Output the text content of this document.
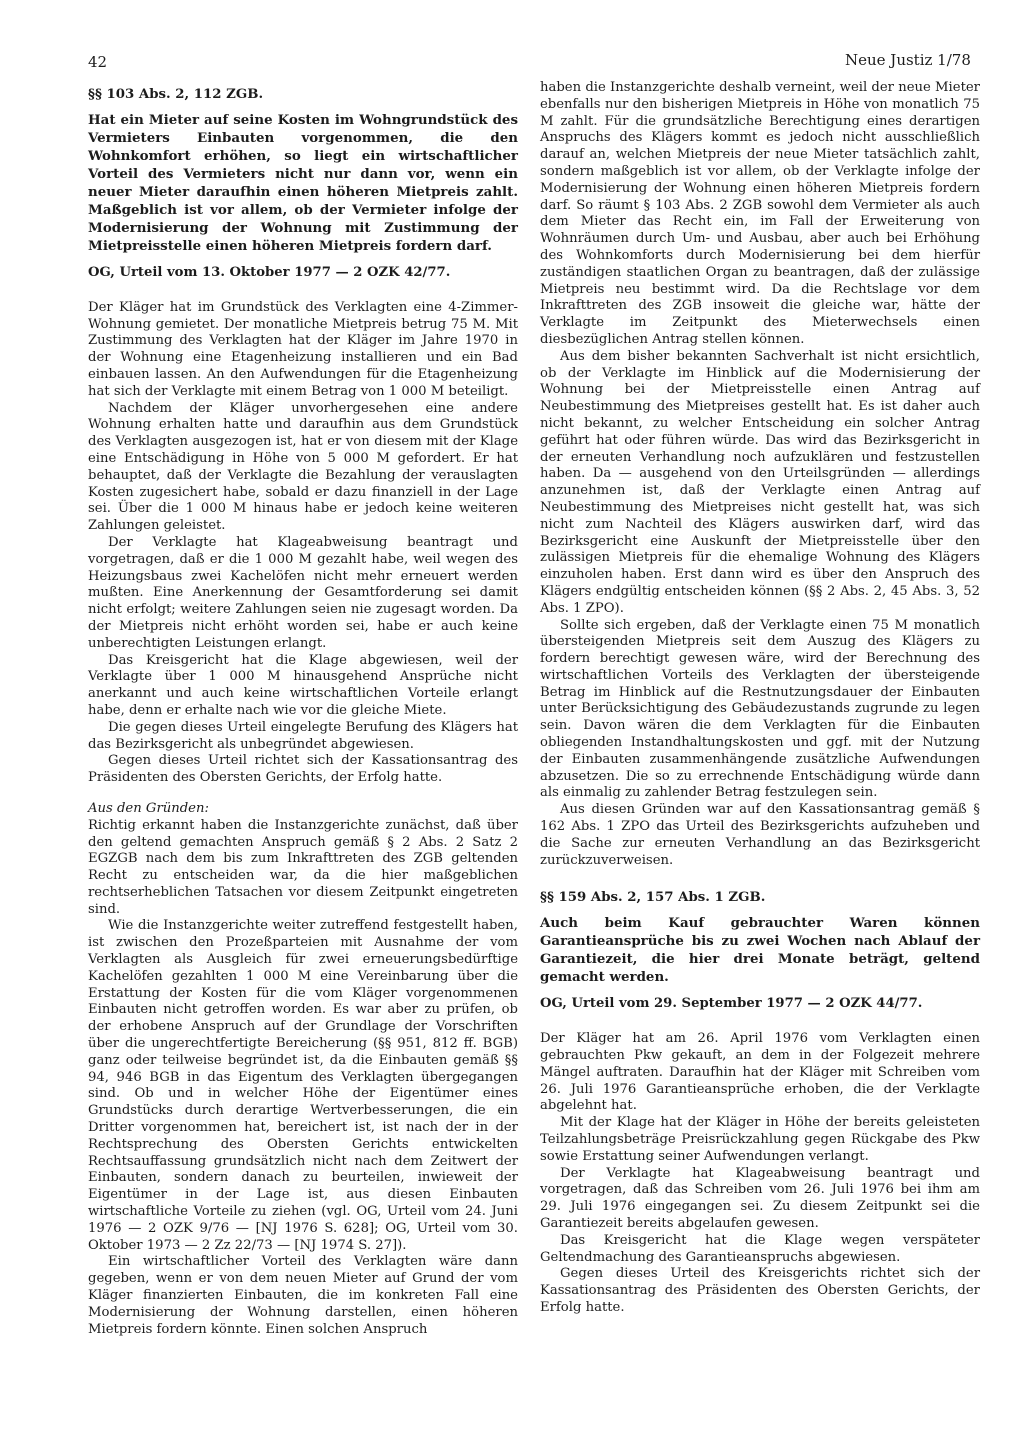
42	Neue Justiz 1/78
§§ 103 Abs. 2, 112 ZGB.

Hat ein Mieter auf seine Kosten im Wohngrundstück des Vermieters Einbauten vorgenommen, die den Wohnkomfort erhöhen, so liegt ein wirtschaftlicher Vorteil des Vermieters nicht nur dann vor, wenn ein neuer Mieter daraufhin einen höheren Mietpreis zahlt. Maßgeblich ist vor allem, ob der Vermieter infolge der Modernisierung der Wohnung mit Zustimmung der Mietpreisstelle einen höheren Mietpreis fordern darf.

OG, Urteil vom 13. Oktober 1977 — 2 OZK 42/77.

Der Kläger hat im Grundstück des Verklagten eine 4-Zimmer-Wohnung gemietet. Der monatliche Mietpreis betrug 75 M. Mit Zustimmung des Verklagten hat der Kläger im Jahre 1970 in der Wohnung eine Etagenheizung installieren und ein Bad einbauen lassen. An den Aufwendungen für die Etagenheizung hat sich der Verklagte mit einem Betrag von 1 000 M beteiligt.

Nachdem der Kläger unvorhergesehen eine andere Wohnung erhalten hatte und daraufhin aus dem Grundstück des Verklagten ausgezogen ist, hat er von diesem mit der Klage eine Entschädigung in Höhe von 5 000 M gefordert. Er hat behauptet, daß der Verklagte die Bezahlung der verauslagten Kosten zugesichert habe, sobald er dazu finanziell in der Lage sei. Über die 1 000 M hinaus habe er jedoch keine weiteren Zahlungen geleistet.

Der Verklagte hat Klageabweisung beantragt und vorgetragen, daß er die 1 000 M gezahlt habe, weil wegen des Heizungsbaus zwei Kachelöfen nicht mehr erneuert werden mußten. Eine Anerkennung der Gesamtforderung sei damit nicht erfolgt; weitere Zahlungen seien nie zugesagt worden. Da der Mietpreis nicht erhöht worden sei, habe er auch keine unberechtigten Leistungen erlangt.

Das Kreisgericht hat die Klage abgewiesen, weil der Verklagte über 1 000 M hinausgehend Ansprüche nicht anerkannt und auch keine wirtschaftlichen Vorteile erlangt habe, denn er erhalte nach wie vor die gleiche Miete.

Die gegen dieses Urteil eingelegte Berufung des Klägers hat das Bezirksgericht als unbegründet abgewiesen.

Gegen dieses Urteil richtet sich der Kassationsantrag des Präsidenten des Obersten Gerichts, der Erfolg hatte.

Aus den Gründen:

Richtig erkannt haben die Instanzgerichte zunächst, daß über den geltend gemachten Anspruch gemäß § 2 Abs. 2 Satz 2 EGZGB nach dem bis zum Inkrafttreten des ZGB geltenden Recht zu entscheiden war, da die hier maßgeblichen rechtserheblichen Tatsachen vor diesem Zeitpunkt eingetreten sind.

Wie die Instanzgerichte weiter zutreffend festgestellt haben, ist zwischen den Prozeßparteien mit Ausnahme der vom Verklagten als Ausgleich für zwei erneuerungsbedürftige Kachelöfen gezahlten 1 000 M eine Vereinbarung über die Erstattung der Kosten für die vom Kläger vorgenommenen Einbauten nicht getroffen worden. Es war aber zu prüfen, ob der erhobene Anspruch auf der Grundlage der Vorschriften über die ungerechtfertigte Bereicherung (§§ 951, 812 ff. BGB) ganz oder teilweise begründet ist, da die Einbauten gemäß §§ 94, 946 BGB in das Eigentum des Verklagten übergegangen sind. Ob und in welcher Höhe der Eigentümer eines Grundstücks durch derartige Wertverbesserungen, die ein Dritter vorgenommen hat, bereichert ist, ist nach der in der Rechtsprechung des Obersten Gerichts entwickelten Rechtsauffassung grundsätzlich nicht nach dem Zeitwert der Einbauten, sondern danach zu beurteilen, inwieweit der Eigentümer in der Lage ist, aus diesen Einbauten wirtschaftliche Vorteile zu ziehen (vgl. OG, Urteil vom 24. Juni 1976 — 2 OZK 9/76 — [NJ 1976 S. 628]; OG, Urteil vom 30. Oktober 1973 — 2 Zz 22/73 — [NJ 1974 S. 27]).

Ein wirtschaftlicher Vorteil des Verklagten wäre dann gegeben, wenn er von dem neuen Mieter auf Grund der vom Kläger finanzierten Einbauten, die im konkreten Fall eine Modernisierung der Wohnung darstellen, einen höheren Mietpreis fordern könnte. Einen solchen Anspruch

haben die Instanzgerichte deshalb verneint, weil der neue Mieter ebenfalls nur den bisherigen Mietpreis in Höhe von monatlich 75 M zahlt. Für die grundsätzliche Berechtigung eines derartigen Anspruchs des Klägers kommt es jedoch nicht ausschließlich darauf an, welchen Mietpreis der neue Mieter tatsächlich zahlt, sondern maßgeblich ist vor allem, ob der Verklagte infolge der Modernisierung der Wohnung einen höheren Mietpreis fordern darf. So räumt § 103 Abs. 2 ZGB sowohl dem Vermieter als auch dem Mieter das Recht ein, im Fall der Erweiterung von Wohnräumen durch Um- und Ausbau, aber auch bei Erhöhung des Wohnkomforts durch Modernisierung bei dem hierfür zuständigen staatlichen Organ zu beantragen, daß der zulässige Mietpreis neu bestimmt wird. Da die Rechtslage vor dem Inkrafttreten des ZGB insoweit die gleiche war, hätte der Verklagte im Zeitpunkt des Mieterwechsels einen diesbezüglichen Antrag stellen können.

Aus dem bisher bekannten Sachverhalt ist nicht ersichtlich, ob der Verklagte im Hinblick auf die Modernisierung der Wohnung bei der Mietpreisstelle einen Antrag auf Neubestimmung des Mietpreises gestellt hat. Es ist daher auch nicht bekannt, zu welcher Entscheidung ein solcher Antrag geführt hat oder führen würde. Das wird das Bezirksgericht in der erneuten Verhandlung noch aufzuklären und festzustellen haben. Da — ausgehend von den Urteilsgründen — allerdings anzunehmen ist, daß der Verklagte einen Antrag auf Neubestimmung des Mietpreises nicht gestellt hat, was sich nicht zum Nachteil des Klägers auswirken darf, wird das Bezirksgericht eine Auskunft der Mietpreisstelle über den zulässigen Mietpreis für die ehemalige Wohnung des Klägers einzuholen haben. Erst dann wird es über den Anspruch des Klägers endgültig entscheiden können (§§ 2 Abs. 2, 45 Abs. 3, 52 Abs. 1 ZPO).

Sollte sich ergeben, daß der Verklagte einen 75 M monatlich übersteigenden Mietpreis seit dem Auszug des Klägers zu fordern berechtigt gewesen wäre, wird der Berechnung des wirtschaftlichen Vorteils des Verklagten der übersteigende Betrag im Hinblick auf die Restnutzungsdauer der Einbauten unter Berücksichtigung des Gebäudezustands zugrunde zu legen sein. Davon wären die dem Verklagten für die Einbauten obliegenden Instandhaltungskosten und ggf. mit der Nutzung der Einbauten zusammenhängende zusätzliche Aufwendungen abzusetzen. Die so zu errechnende Entschädigung würde dann als einmalig zu zahlender Betrag festzulegen sein.

Aus diesen Gründen war auf den Kassationsantrag gemäß § 162 Abs. 1 ZPO das Urteil des Bezirksgerichts aufzuheben und die Sache zur erneuten Verhandlung an das Bezirksgericht zurückzuverweisen.

§§ 159 Abs. 2, 157 Abs. 1 ZGB.

Auch beim Kauf gebrauchter Waren können Garantieansprüche bis zu zwei Wochen nach Ablauf der Garantiezeit, die hier drei Monate beträgt, geltend gemacht werden.

OG, Urteil vom 29. September 1977 — 2 OZK 44/77.

Der Kläger hat am 26. April 1976 vom Verklagten einen gebrauchten Pkw gekauft, an dem in der Folgezeit mehrere Mängel auftraten. Daraufhin hat der Kläger mit Schreiben vom 26. Juli 1976 Garantieansprüche erhoben, die der Verklagte abgelehnt hat.

Mit der Klage hat der Kläger in Höhe der bereits geleisteten Teilzahlungsbeträge Preisrückzahlung gegen Rückgabe des Pkw sowie Erstattung seiner Aufwendungen verlangt.

Der Verklagte hat Klageabweisung beantragt und vorgetragen, daß das Schreiben vom 26. Juli 1976 bei ihm am 29. Juli 1976 eingegangen sei. Zu diesem Zeitpunkt sei die Garantiezeit bereits abgelaufen gewesen.

Das Kreisgericht hat die Klage wegen verspäteter Geltendmachung des Garantieanspruchs abgewiesen.

Gegen dieses Urteil des Kreisgerichts richtet sich der Kassationsantrag des Präsidenten des Obersten Gerichts, der Erfolg hatte.
